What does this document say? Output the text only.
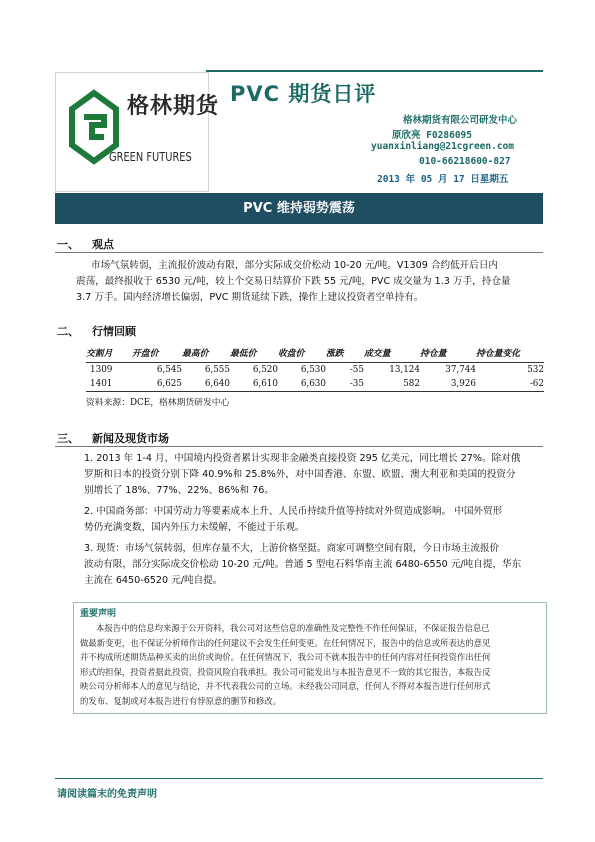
格林期货
GREEN FUTURES
PVC 期货日评
格林期货有限公司研发中心
原欣亮 F0286095
yuanxinliang@21cgreen.com
010-66218600-827
2013 年 05 月 17 日星期五
PVC 维持弱势震荡
一、 观点

市场气氛转弱，主流报价波动有限，部分实际成交价松动 10-20 元/吨。V1309 合约低开后日内

震荡，最终报收于 6530 元/吨，较上个交易日结算价下跌 55 元/吨，PVC 成交量为 1.3 万手，持仓量

3.7 万手。国内经济增长偏弱，PVC 期货延续下跌，操作上建议投资者空单持有。

二、 行情回顾
交割月	开盘价	最高价	最低价	收盘价	涨跌	成交量	持仓量	持仓量变化
1309	6,545	6,555	6,520	6,530	-55	13,124	37,744	532
1401	6,625	6,640	6,610	6,630	-35	582	3,926	-62
资料来源：DCE，格林期货研发中心
三、 新闻及现货市场

1. 2013 年 1-4 月，中国境内投资者累计实现非金融类直接投资 295 亿美元，同比增长 27%。除对俄

罗斯和日本的投资分别下降 40.9%和 25.8%外，对中国香港、东盟、欧盟、澳大利亚和美国的投资分

别增长了 18%、77%、22%、86%和 76。

2. 中国商务部：中国劳动力等要素成本上升、人民币持续升值等持续对外贸造成影响。 中国外贸形

势仍充满变数，国内外压力未缓解，不能过于乐观。

3. 现货：市场气氛转弱，但库存量不大，上游价格坚挺。商家可调整空间有限，今日市场主流报价

波动有限，部分实际成交价松动 10-20 元/吨。普通 5 型电石料华南主流 6480-6550 元/吨自提，华东

主流在 6450-6520 元/吨自提。

重要声明
本报告中的信息均来源于公开资料，我公司对这些信息的准确性及完整性不作任何保证，不保证报告信息已
做最新变更，也不保证分析师作出的任何建议不会发生任何变更。在任何情况下，报告中的信息或所表达的意见
并不构成所述期货品种买卖的出价或询价。在任何情况下，我公司不就本报告中的任何内容对任何投资作出任何
形式的担保，投资者据此投资，投资风险自我承担。我公司可能发出与本报告意见不一致的其它报告，本报告反
映公司分析师本人的意见与结论，并不代表我公司的立场。未经我公司同意，任何人不得对本报告进行任何形式
的发布、复制或对本报告进行有悖原意的删节和修改。
请阅读篇末的免责声明
